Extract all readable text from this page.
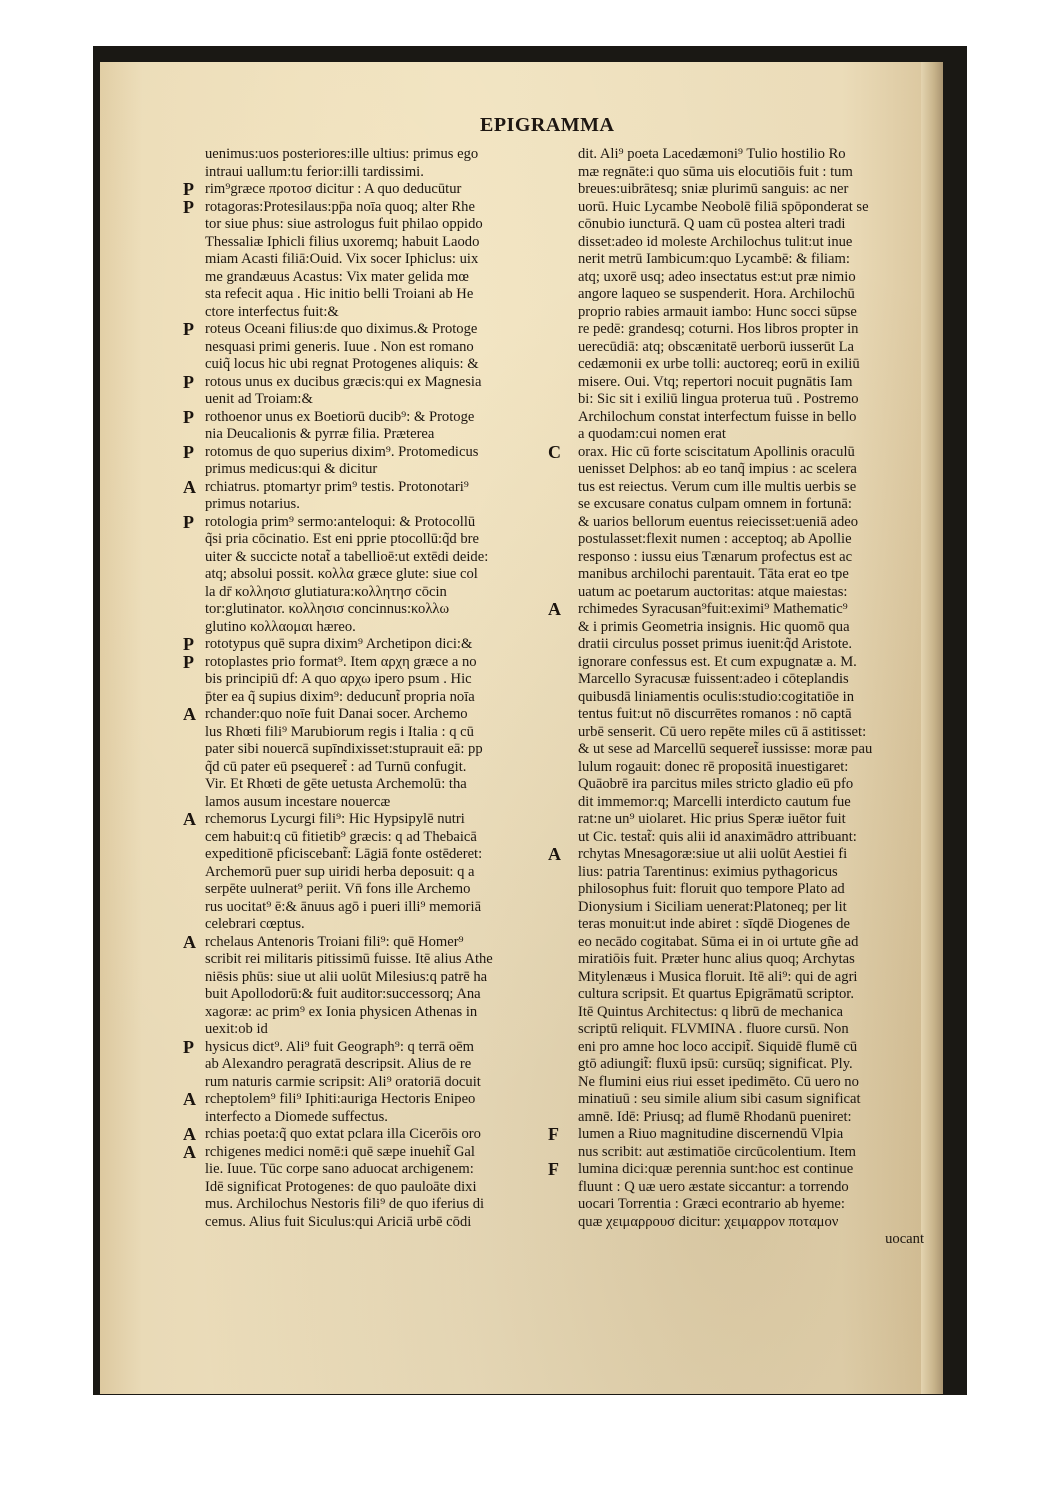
EPIGRAMMA
uenimus:uos posteriores:ille ultius: primus ego
intraui uallum:tu ferior:illi tardissimi.
rim⁹græce προτοσ dicitur : A quo deducūtur
rotagoras:Protesilaus:pp̄a noīa quoq; alter Rhe
tor siue phus: siue astrologus fuit philao oppido
Thessaliæ Iphicli filius uxoremq; habuit Laodo
miam Acasti filiā:Ouid. Vix socer Iphiclus: uix
me grandæuus Acastus: Vix mater gelida mœ
sta refecit aqua . Hic initio belli Troiani ab He
ctore interfectus fuit:&
roteus Oceani filius:de quo diximus.& Protoge
nesquasi primi generis. Iuue . Non est romano
cuiq̃ locus hic ubi regnat Protogenes aliquis: &
rotous unus ex ducibus græcis:qui ex Magnesia
uenit ad Troiam:&
rothoenor unus ex Boetiorū ducib⁹: & Protoge
nia Deucalionis & pyrræ filia. Præterea
rotomus de quo superius dixim⁹. Protomedicus
primus medicus:qui & dicitur
rchiatrus. ptomartyr prim⁹ testis. Protonotari⁹
primus notarius.
rotologia prim⁹ sermo:anteloqui: & Protocollū
q̃si pria cōcinatio. Est eni pprie ptocollū:q̃d bre
uiter & succicte notat̃ a tabellioē:ut extēdi deide:
atq; absolui possit. κολλα græce glute: siue col
la dr̄ κολλησισ glutiatura:κολλητησ cōcin
tor:glutinator. κολλησισ concinnus:κολλω
glutino κολλαομαι hæreo.
rototypus quē supra dixim⁹ Archetipon dici:&
rotoplastes prio format⁹. Item αρχη græce a no
bis principiū df: A quo αρχω ipero psum . Hic
p̄ter ea q̃ supius dixim⁹: deducunt̃ propria noīa
rchander:quo noīe fuit Danai socer. Archemo
lus Rhœti fili⁹ Marubiorum regis i Italia : q cū
pater sibi nouercā supīndixisset:stuprauit eā: pp
q̃d cū pater eū psequeret̃ : ad Turnū confugit.
Vir. Et Rhœti de gēte uetusta Archemolū: tha
lamos ausum incestare nouercæ
rchemorus Lycurgi fili⁹: Hic Hypsipylē nutri
cem habuit:q cū fitietib⁹ græcis: q ad Thebaicā
expeditionē pficiscebant̃: Lāgiā fonte ostēderet:
Archemorū puer sup uiridi herba deposuit: q a
serpēte uulnerat⁹ periit. Vn̄ fons ille Archemo
rus uocitat⁹ ē:& ānuus agō i pueri illi⁹ memoriā
celebrari cœptus.
rchelaus Antenoris Troiani fili⁹: quē Homer⁹
scribit rei militaris pitissimū fuisse. Itē alius Athe
niēsis phūs: siue ut alii uolūt Milesius:q patrē ha
buit Apollodorū:& fuit auditor:successorq; Ana
xagoræ: ac prim⁹ ex Ionia physicen Athenas in
uexit:ob id
hysicus dict⁹. Ali⁹ fuit Geograph⁹: q terrā oēm
ab Alexandro peragratā descripsit. Alius de re
rum naturis carmie scripsit: Ali⁹ oratoriā docuit
rcheptolem⁹ fili⁹ Iphiti:auriga Hectoris Enipeo
interfecto a Diomede suffectus.
rchias poeta:q̃ quo extat pclara illa Cicerōis oro
rchigenes medici nomē:i quē sæpe inuehit̃ Gal
lie. Iuue. Tūc corpe sano aduocat archigenem:
Idē significat Protogenes: de quo pauloāte dixi
mus. Archilochus Nestoris fili⁹ de quo iferius di
cemus. Alius fuit Siculus:qui Ariciā urbē cōdi
P
P
P
P
P
P
A
P
P
P
A
A
A
P
A
A
A
dit. Ali⁹ poeta Lacedæmoni⁹ Tulio hostilio Ro
mæ regnāte:i quo sūma uis elocutiōis fuit : tum
breues:uibrātesq; sniæ plurimū sanguis: ac ner
uorū. Huic Lycambe Neobolē filiā spōponderat se
cōnubio iuncturā. Q uam cū postea alteri tradi
disset:adeo id moleste Archilochus tulit:ut inue
nerit metrū Iambicum:quo Lycambē: & filiam:
atq; uxorē usq; adeo insectatus est:ut præ nimio
angore laqueo se suspenderit. Hora. Archilochū
proprio rabies armauit iambo: Hunc socci sūpse
re pedē: grandesq; coturni. Hos libros propter in
uerecūdiā: atq; obscænitatē uerborū iusserūt La
cedæmonii ex urbe tolli: auctoreq; eorū in exiliū
misere. Oui. Vtq; repertori nocuit pugnātis Iam
bi: Sic sit i exiliū lingua proterua tuū . Postremo
Archilochum constat interfectum fuisse in bello
a quodam:cui nomen erat
orax. Hic cū forte sciscitatum Apollinis oraculū
uenisset Delphos: ab eo tanq̃ impius : ac scelera
tus est reiectus. Verum cum ille multis uerbis se
se excusare conatus culpam omnem in fortunā:
& uarios bellorum euentus reiecisset:ueniā adeo
postulasset:flexit numen : acceptoq; ab Apollie
responso : iussu eius Tænarum profectus est ac
manibus archilochi parentauit. Tāta erat eo tpe
uatum ac poetarum auctoritas: atque maiestas:
rchimedes Syracusan⁹fuit:eximi⁹ Mathematic⁹
& i primis Geometria insignis. Hic quomō qua
dratii circulus posset primus iuenit:q̃d Aristote.
ignorare confessus est. Et cum expugnatæ a. M.
Marcello Syracusæ fuissent:adeo i cōteplandis
quibusdā liniamentis oculis:studio:cogitatiōe in
tentus fuit:ut nō discurrētes romanos : nō captā
urbē senserit. Cū uero repēte miles cū ā astitisset:
& ut sese ad Marcellū sequeret̃ iussisse: moræ pau
lulum rogauit: donec rē propositā inuestigaret:
Quāobrē ira parcitus miles stricto gladio eū pfo
dit immemor:q; Marcelli interdicto cautum fue
rat:ne un⁹ uiolaret. Hic prius Speræ iuētor fuit
ut Cic. testat̃: quis alii id anaximādro attribuant:
rchytas Mnesagoræ:siue ut alii uolūt Aestiei fi
lius: patria Tarentinus: eximius pythagoricus
philosophus fuit: floruit quo tempore Plato ad
Dionysium i Siciliam uenerat:Platoneq; per lit
teras monuit:ut inde abiret : sīqdē Diogenes de
eo necādo cogitabat. Sūma ei in oi urtute gñe ad
miratiōis fuit. Præter hunc alius quoq; Archytas
Mitylenæus i Musica floruit. Itē ali⁹: qui de agri
cultura scripsit. Et quartus Epigrāmatū scriptor.
Itē Quintus Architectus: q librū de mechanica
scriptū reliquit. FLVMINA . fluore cursū. Non
eni pro amne hoc loco accipit̃. Siquidē flumē cū
gtō adiungit̃: fluxū ipsū: cursūq; significat. Ply.
Ne flumini eius riui esset ipedimēto. Cū uero no
minatiuū : seu simile alium sibi casum significat
amnē. Idē: Priusq; ad flumē Rhodanū pueniret:
lumen a Riuo magnitudine discernendū Vlpia
nus scribit: aut æstimatiōe circūcolentium. Item
lumina dici:quæ perennia sunt:hoc est continue
fluunt : Q uæ uero æstate siccantur: a torrendo
uocari Torrentia : Græci econtrario ab hyeme:
quæ χειμαρρουσ dicitur: χειμαρρον ποταμον
uocant
C
A
A
F
F
